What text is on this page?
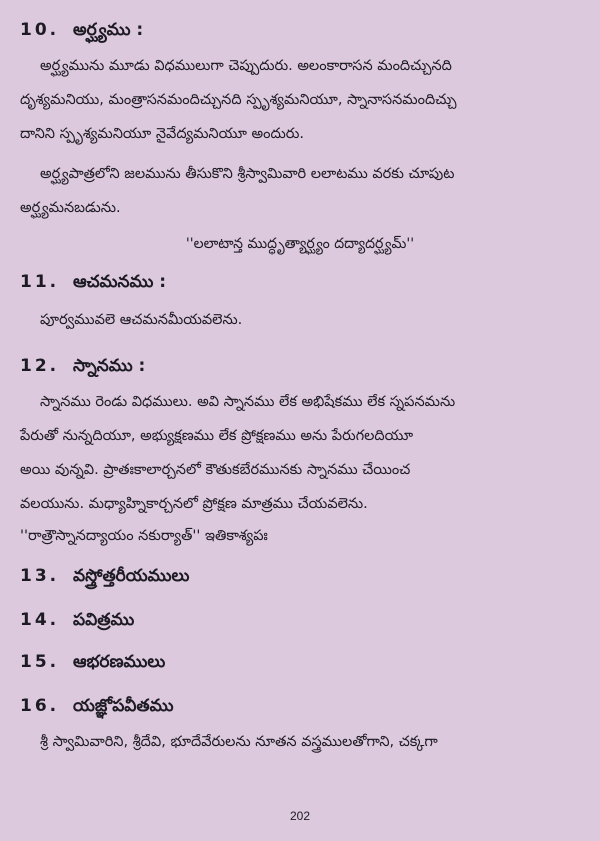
10. అర్ఘ్యము :
అర్ఘ్యమును మూడు విధములుగా చెప్పుదురు. అలంకారాసన మందిచ్చునది
దృశ్యమనియు, మంత్రాసనమందిచ్చునది స్పృశ్యమనియూ, స్నానాసనమందిచ్చు
దానిని స్పృశ్యమనియూ నైవేద్యమనియూ అందురు.
అర్ఘ్యపాత్రలోని జలమును తీసుకొని శ్రీస్వామివారి లలాటము వరకు చూపుట
అర్ఘ్యమనబడును.
''లలాటాన్త ముద్ధృత్యార్ఘ్యం దద్యాదర్ఘ్యమ్''
11. ఆచమనము :
పూర్వమువలె ఆచమనమీయవలెను.
12. స్నానము :
స్నానము రెండు విధములు. అవి స్నానము లేక అభిషేకము లేక స్నపనమను
పేరుతో నున్నదియూ, అభ్యుక్షణము లేక ప్రోక్షణము అను పేరుగలదియూ
అయి వున్నవి. ప్రాతఃకాలార్చనలో కౌతుకబేరమునకు స్నానము చేయించ
వలయును. మధ్యాహ్నికార్చనలో ప్రోక్షణ మాత్రము చేయవలెను.
''రాత్రౌస్నానద్యాయం నకుర్యాత్'' ఇతికాశ్యపః
13. వస్త్రోత్తరీయములు
14. పవిత్రము
15. ఆభరణములు
16. యజ్ఞోపవీతము
శ్రీ స్వామివారిని, శ్రీదేవి, భూదేవేరులను నూతన వస్త్రములతోగాని, చక్కగా
202
